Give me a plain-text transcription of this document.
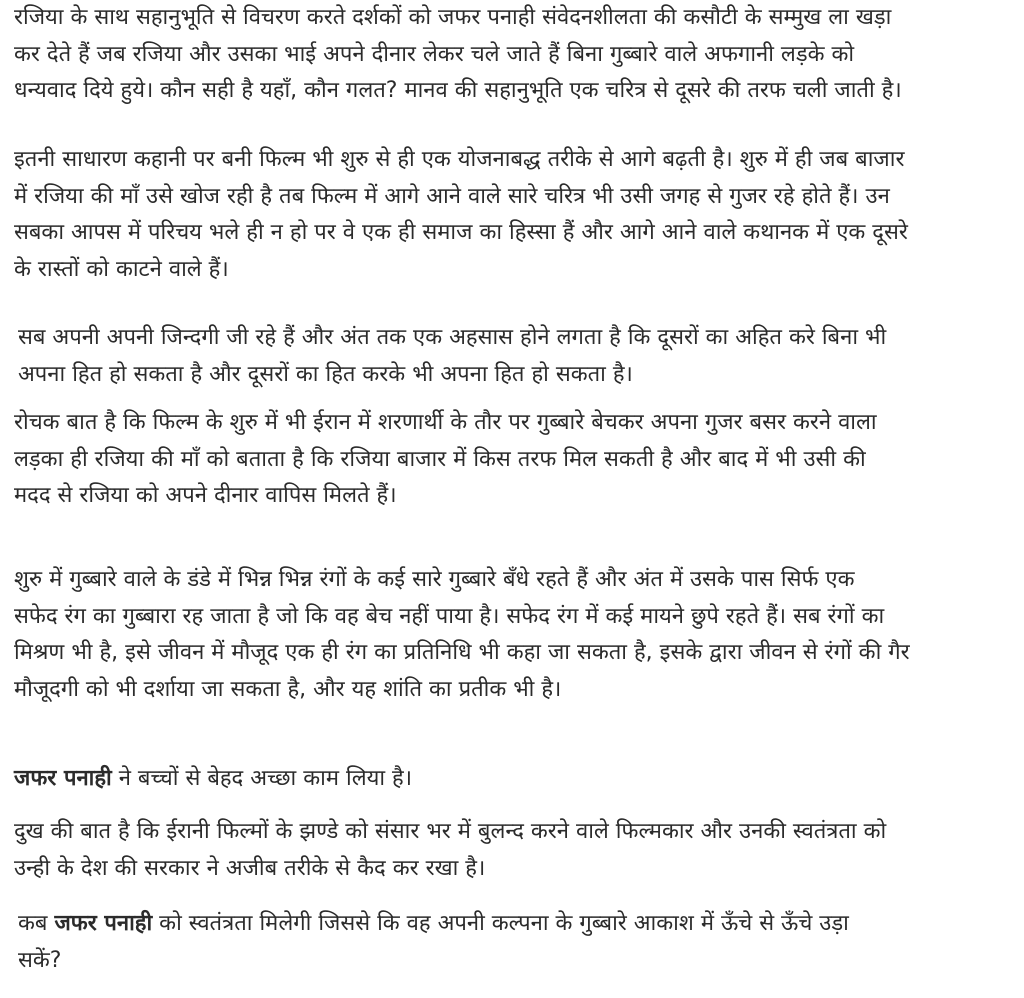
रजिया के साथ सहानुभूति से विचरण करते दर्शकों को जफर पनाही संवेदनशीलता की कसौटी के सम्मुख ला खड़ा
कर देते हैं जब रजिया और उसका भाई अपने दीनार लेकर चले जाते हैं बिना गुब्बारे वाले अफगानी लड़के को
धन्यवाद दिये हुये। कौन सही है यहाँ, कौन गलत? मानव की सहानुभूति एक चरित्र से दूसरे की तरफ चली जाती है।

इतनी साधारण कहानी पर बनी फिल्म भी शुरु से ही एक योजनाबद्ध तरीके से आगे बढ़ती है। शुरु में ही जब बाजार
में रजिया की माँ उसे खोज रही है तब फिल्म में आगे आने वाले सारे चरित्र भी उसी जगह से गुजर रहे होते हैं। उन
सबका आपस में परिचय भले ही न हो पर वे एक ही समाज का हिस्सा हैं और आगे आने वाले कथानक में एक दूसरे
के रास्तों को काटने वाले हैं।

सब अपनी अपनी जिन्दगी जी रहे हैं और अंत तक एक अहसास होने लगता है कि दूसरों का अहित करे बिना भी
अपना हित हो सकता है और दूसरों का हित करके भी अपना हित हो सकता है।

रोचक बात है कि फिल्म के शुरु में भी ईरान में शरणार्थी के तौर पर गुब्बारे बेचकर अपना गुजर बसर करने वाला
लड़का ही रजिया की माँ को बताता है कि रजिया बाजार में किस तरफ मिल सकती है और बाद में भी उसी की
मदद से रजिया को अपने दीनार वापिस मिलते हैं।

शुरु में गुब्बारे वाले के डंडे में भिन्न भिन्न रंगों के कई सारे गुब्बारे बँधे रहते हैं और अंत में उसके पास सिर्फ एक
सफेद रंग का गुब्बारा रह जाता है जो कि वह बेच नहीं पाया है। सफेद रंग में कई मायने छुपे रहते हैं। सब रंगों का
मिश्रण भी है, इसे जीवन में मौजूद एक ही रंग का प्रतिनिधि भी कहा जा सकता है, इसके द्वारा जीवन से रंगों की गैर
मौजूदगी को भी दर्शाया जा सकता है, और यह शांति का प्रतीक भी है।

जफर पनाही ने बच्चों से बेहद अच्छा काम लिया है।

दुख की बात है कि ईरानी फिल्मों के झण्डे को संसार भर में बुलन्द करने वाले फिल्मकार और उनकी स्वतंत्रता को
उन्ही के देश की सरकार ने अजीब तरीके से कैद कर रखा है।

कब जफर पनाही को स्वतंत्रता मिलेगी जिससे कि वह अपनी कल्पना के गुब्बारे आकाश में ऊँचे से ऊँचे उड़ा
सकें?
